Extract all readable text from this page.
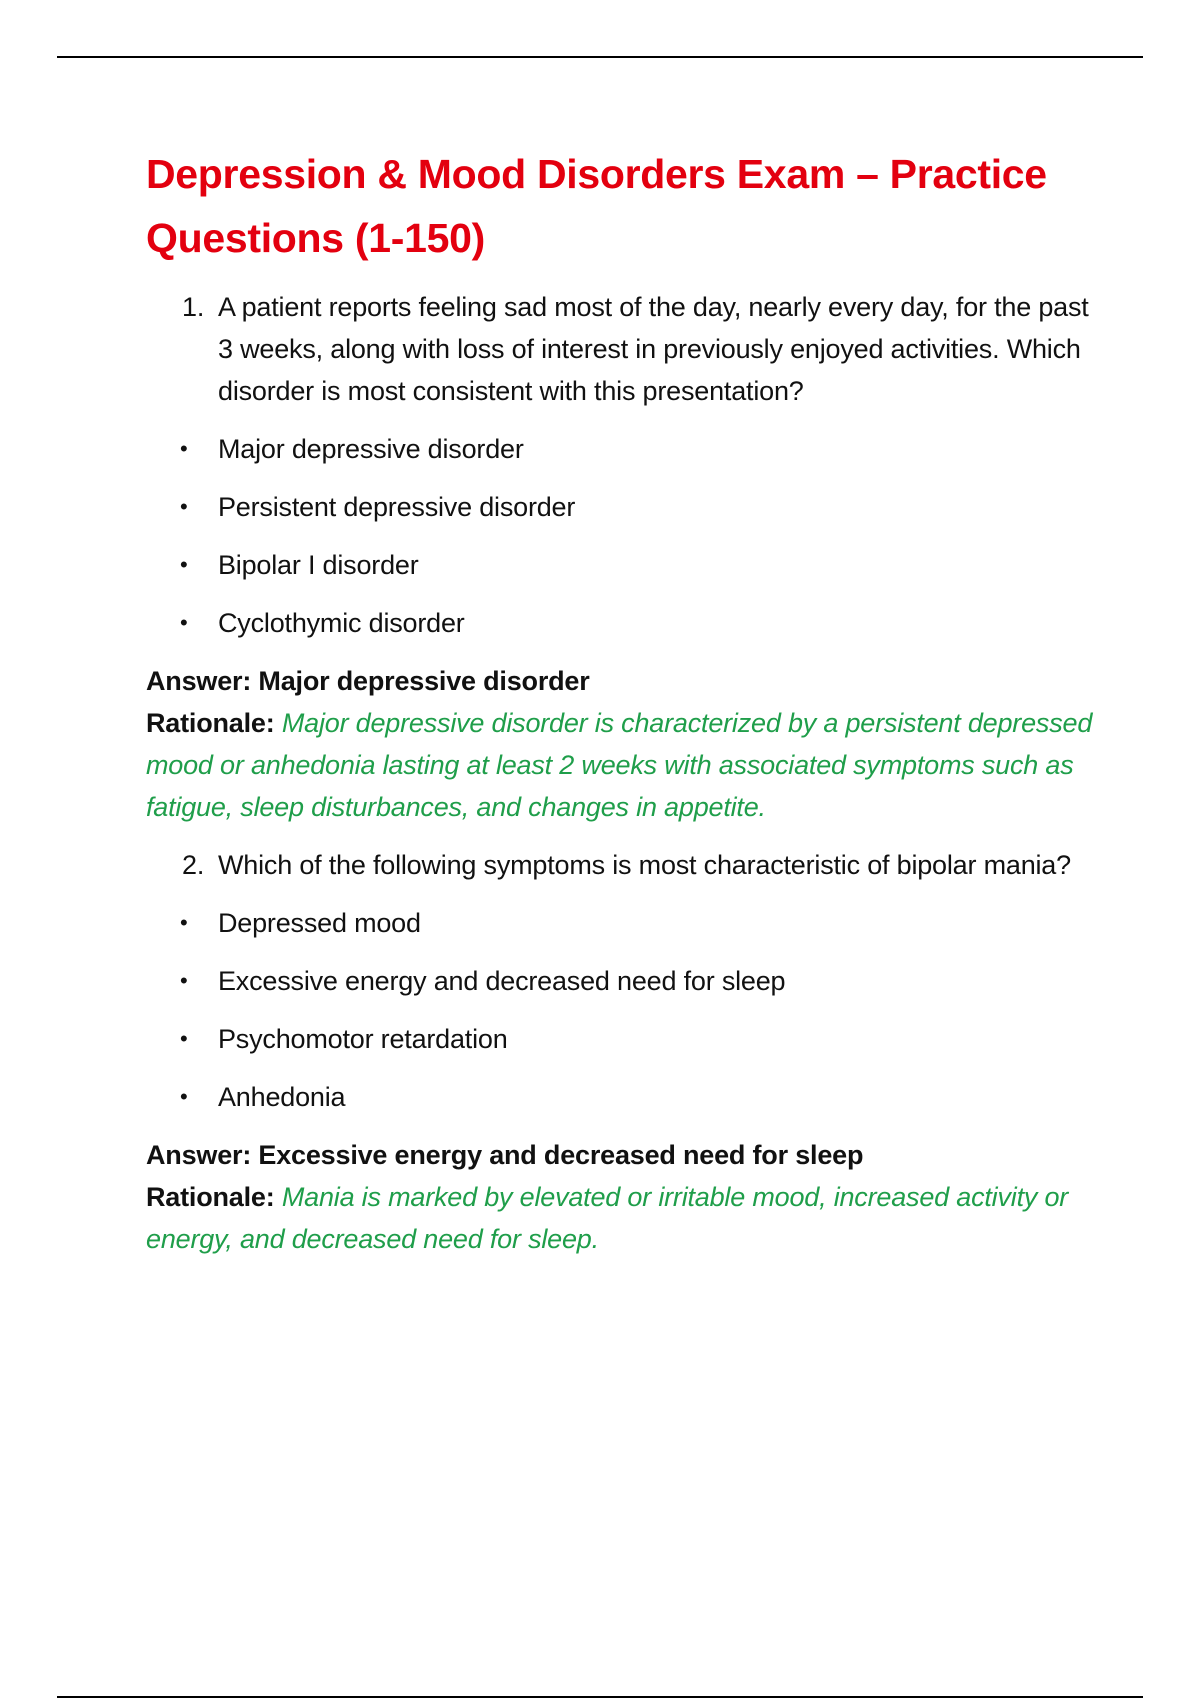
Depression & Mood Disorders Exam – Practice Questions (1-150)
1. A patient reports feeling sad most of the day, nearly every day, for the past 3 weeks, along with loss of interest in previously enjoyed activities. Which disorder is most consistent with this presentation?
• Major depressive disorder
• Persistent depressive disorder
• Bipolar I disorder
• Cyclothymic disorder
Answer: Major depressive disorder
Rationale: Major depressive disorder is characterized by a persistent depressed mood or anhedonia lasting at least 2 weeks with associated symptoms such as fatigue, sleep disturbances, and changes in appetite.
2. Which of the following symptoms is most characteristic of bipolar mania?
• Depressed mood
• Excessive energy and decreased need for sleep
• Psychomotor retardation
• Anhedonia
Answer: Excessive energy and decreased need for sleep
Rationale: Mania is marked by elevated or irritable mood, increased activity or energy, and decreased need for sleep.
